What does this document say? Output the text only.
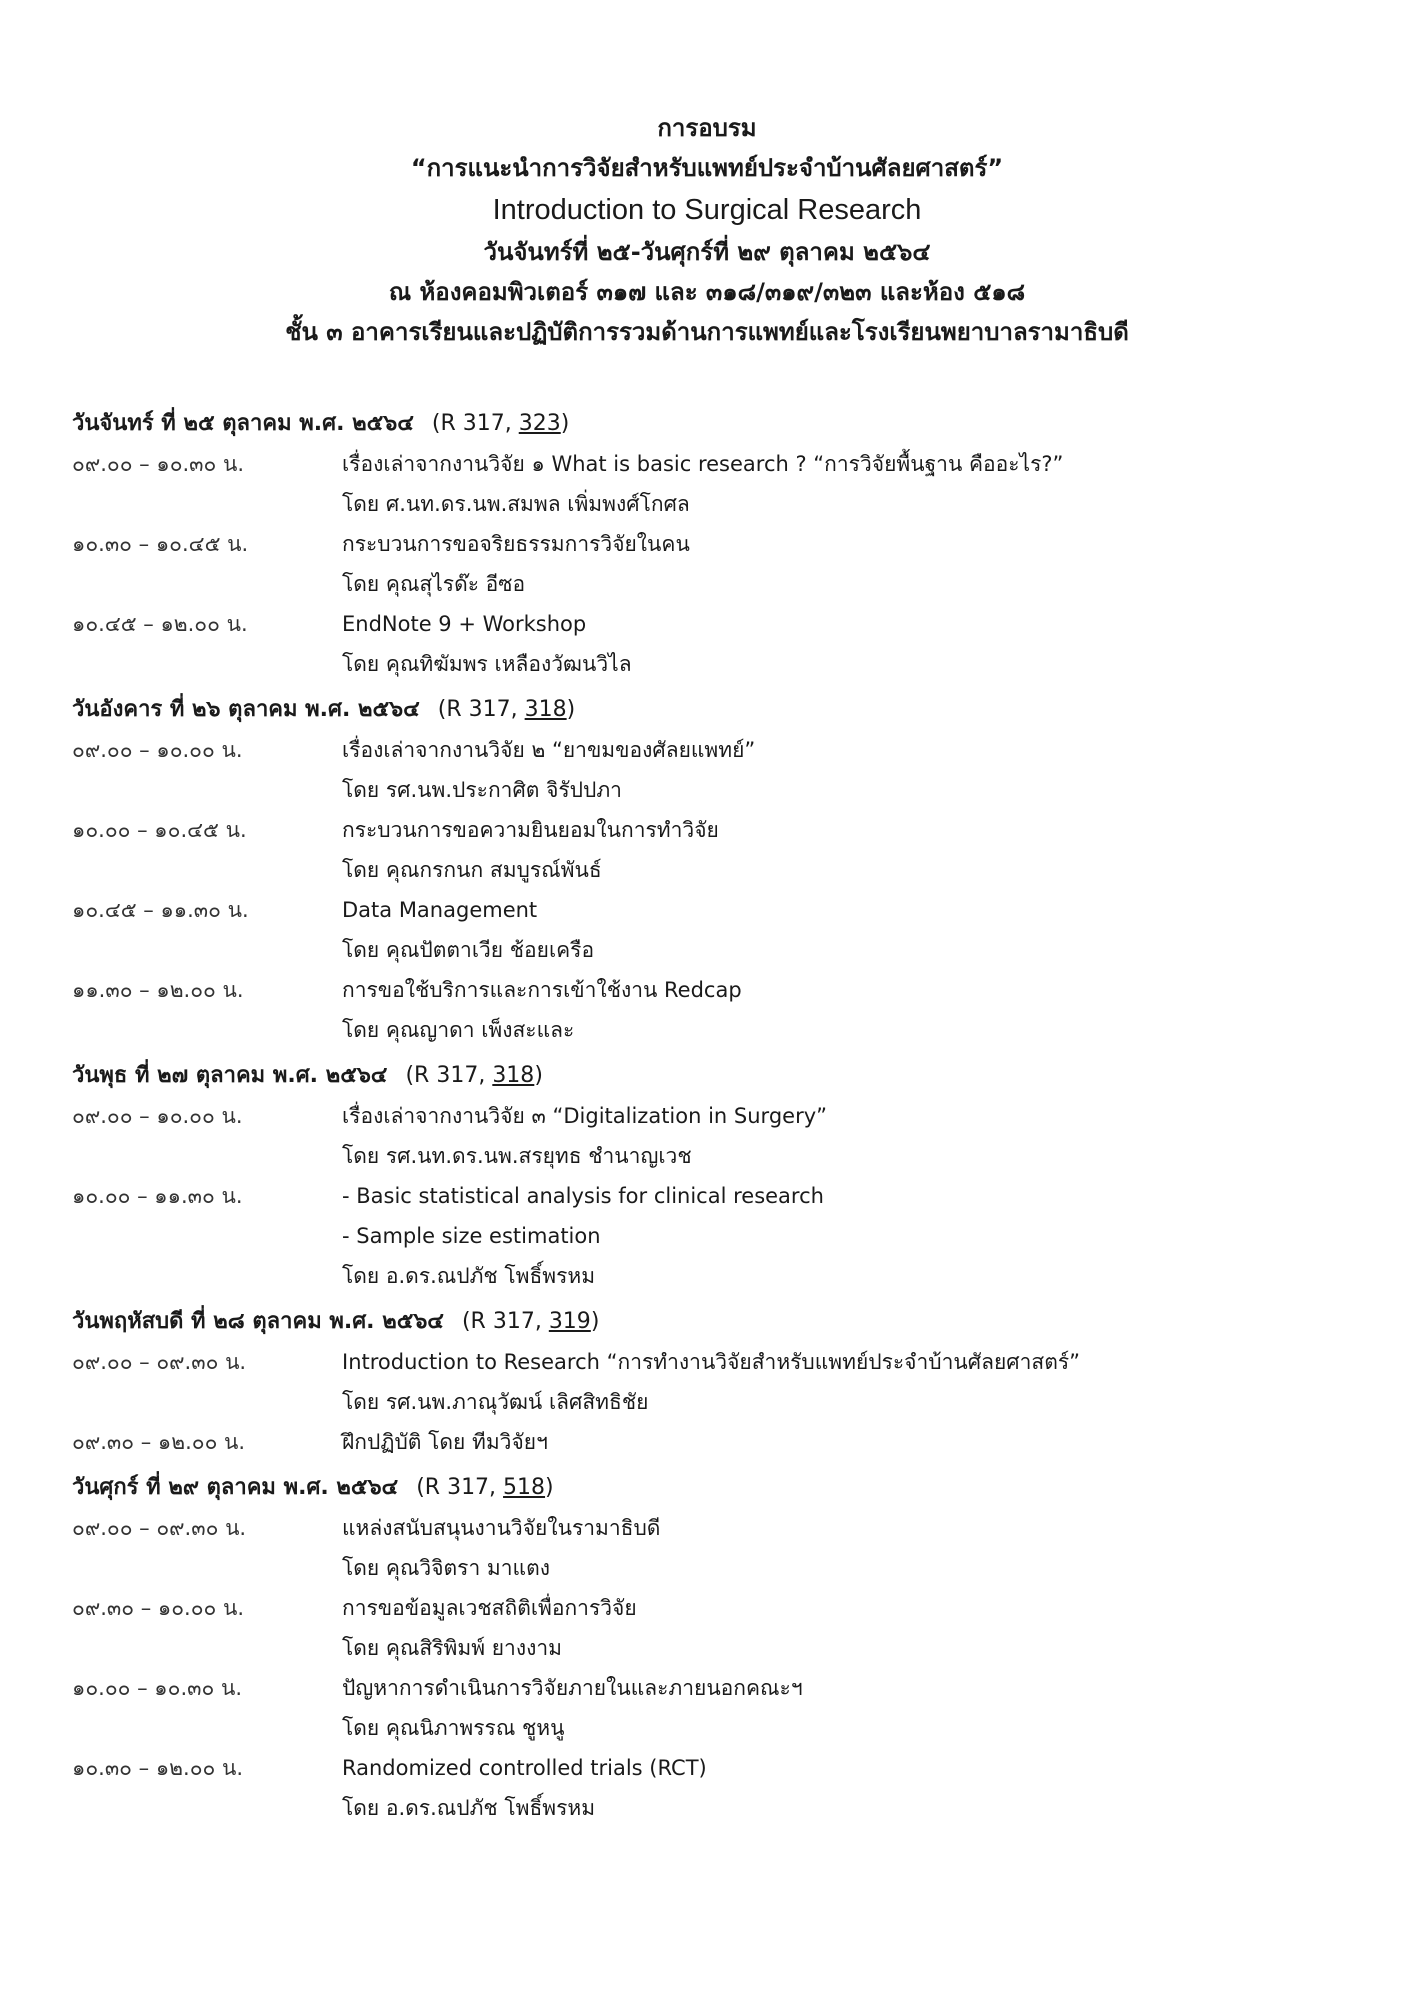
การอบรม
“การแนะนำการวิจัยสำหรับแพทย์ประจำบ้านศัลยศาสตร์”
Introduction to Surgical Research
วันจันทร์ที่ ๒๕-วันศุกร์ที่ ๒๙ ตุลาคม ๒๕๖๔
ณ ห้องคอมพิวเตอร์ ๓๑๗ และ ๓๑๘/๓๑๙/๓๒๓ และห้อง ๕๑๘
ชั้น ๓ อาคารเรียนและปฏิบัติการรวมด้านการแพทย์และโรงเรียนพยาบาลรามาธิบดี
วันจันทร์ ที่ ๒๕ ตุลาคม พ.ศ. ๒๕๖๔ (R 317, 323)
๐๙.๐๐ – ๑๐.๓๐ น.	เรื่องเล่าจากงานวิจัย ๑ What is basic research ? “การวิจัยพื้นฐาน คืออะไร?”
โดย ศ.นท.ดร.นพ.สมพล เพิ่มพงศ์โกศล
๑๐.๓๐ – ๑๐.๔๕ น.	กระบวนการขอจริยธรรมการวิจัยในคน
โดย คุณสุไรด๊ะ อีซอ
๑๐.๔๕ – ๑๒.๐๐ น.	EndNote 9 + Workshop
โดย คุณทิฆัมพร เหลืองวัฒนวิไล
วันอังคาร ที่ ๒๖ ตุลาคม พ.ศ. ๒๕๖๔ (R 317, 318)
๐๙.๐๐ – ๑๐.๐๐ น.	เรื่องเล่าจากงานวิจัย ๒ “ยาขมของศัลยแพทย์”
โดย รศ.นพ.ประกาศิต จิรัปปภา
๑๐.๐๐ – ๑๐.๔๕ น.	กระบวนการขอความยินยอมในการทำวิจัย
โดย คุณกรกนก สมบูรณ์พันธ์
๑๐.๔๕ – ๑๑.๓๐ น.	Data Management
โดย คุณปัตตาเวีย ช้อยเครือ
๑๑.๓๐ – ๑๒.๐๐ น.	การขอใช้บริการและการเข้าใช้งาน Redcap
โดย คุณญาดา เพ็งสะและ
วันพุธ ที่ ๒๗ ตุลาคม พ.ศ. ๒๕๖๔ (R 317, 318)
๐๙.๐๐ – ๑๐.๐๐ น.	เรื่องเล่าจากงานวิจัย ๓ “Digitalization in Surgery”
โดย รศ.นท.ดร.นพ.สรยุทธ ชำนาญเวช
๑๐.๐๐ – ๑๑.๓๐ น.	- Basic statistical analysis for clinical research
- Sample size estimation
โดย อ.ดร.ณปภัช โพธิ์พรหม
วันพฤหัสบดี ที่ ๒๘ ตุลาคม พ.ศ. ๒๕๖๔ (R 317, 319)
๐๙.๐๐ – ๐๙.๓๐ น.	Introduction to Research “การทำงานวิจัยสำหรับแพทย์ประจำบ้านศัลยศาสตร์”
โดย รศ.นพ.ภาณุวัฒน์ เลิศสิทธิชัย
๐๙.๓๐ – ๑๒.๐๐ น.	ฝึกปฏิบัติ โดย ทีมวิจัยฯ
วันศุกร์ ที่ ๒๙ ตุลาคม พ.ศ. ๒๕๖๔ (R 317, 518)
๐๙.๐๐ – ๐๙.๓๐ น.	แหล่งสนับสนุนงานวิจัยในรามาธิบดี
โดย คุณวิจิตรา มาแตง
๐๙.๓๐ – ๑๐.๐๐ น.	การขอข้อมูลเวชสถิติเพื่อการวิจัย
โดย คุณสิริพิมพ์ ยางงาม
๑๐.๐๐ – ๑๐.๓๐ น.	ปัญหาการดำเนินการวิจัยภายในและภายนอกคณะฯ
โดย คุณนิภาพรรณ ชูหนู
๑๐.๓๐ – ๑๒.๐๐ น.	Randomized controlled trials (RCT)
โดย อ.ดร.ณปภัช โพธิ์พรหม
